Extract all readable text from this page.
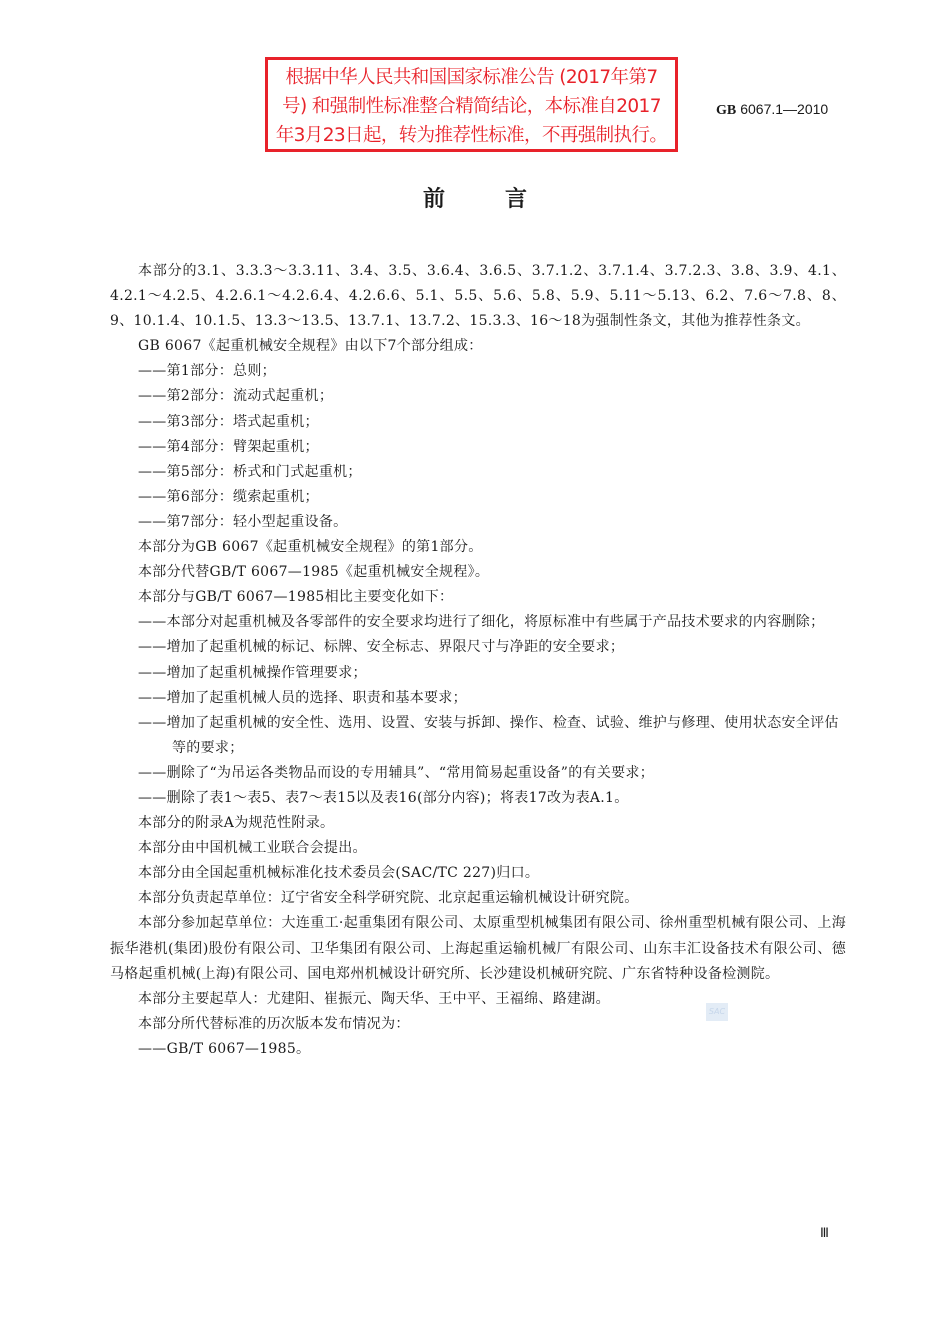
根据中华人民共和国国家标准公告 (2017年第7
号) 和强制性标准整合精简结论，本标准自2017
年3月23日起，转为推荐性标准，不再强制执行。
GB 6067.1—2010
前	言
本部分的3.1、3.3.3～3.3.11、3.4、3.5、3.6.4、3.6.5、3.7.1.2、3.7.1.4、3.7.2.3、3.8、3.9、4.1、4.2.1～4.2.5、4.2.6.1～4.2.6.4、4.2.6.6、5.1、5.5、5.6、5.8、5.9、5.11～5.13、6.2、7.6～7.8、8、9、10.1.4、10.1.5、13.3～13.5、13.7.1、13.7.2、15.3.3、16～18为强制性条文，其他为推荐性条文。
GB 6067《起重机械安全规程》由以下7个部分组成：
——第1部分：总则；
——第2部分：流动式起重机；
——第3部分：塔式起重机；
——第4部分：臂架起重机；
——第5部分：桥式和门式起重机；
——第6部分：缆索起重机；
——第7部分：轻小型起重设备。
本部分为GB 6067《起重机械安全规程》的第1部分。
本部分代替GB/T 6067—1985《起重机械安全规程》。
本部分与GB/T 6067—1985相比主要变化如下：
——本部分对起重机械及各零部件的安全要求均进行了细化，将原标准中有些属于产品技术要求的内容删除；
——增加了起重机械的标记、标牌、安全标志、界限尺寸与净距的安全要求；
——增加了起重机械操作管理要求；
——增加了起重机械人员的选择、职责和基本要求；
——增加了起重机械的安全性、选用、设置、安装与拆卸、操作、检查、试验、维护与修理、使用状态安全评估等的要求；
——删除了“为吊运各类物品而设的专用辅具”、“常用简易起重设备”的有关要求；
——删除了表1～表5、表7～表15以及表16(部分内容)；将表17改为表A.1。
本部分的附录A为规范性附录。
本部分由中国机械工业联合会提出。
本部分由全国起重机械标准化技术委员会(SAC/TC 227)归口。
本部分负责起草单位：辽宁省安全科学研究院、北京起重运输机械设计研究院。
本部分参加起草单位：大连重工·起重集团有限公司、太原重型机械集团有限公司、徐州重型机械有限公司、上海振华港机(集团)股份有限公司、卫华集团有限公司、上海起重运输机械厂有限公司、山东丰汇设备技术有限公司、德马格起重机械(上海)有限公司、国电郑州机械设计研究所、长沙建设机械研究院、广东省特种设备检测院。
本部分主要起草人：尤建阳、崔振元、陶天华、王中平、王福绵、路建湖。
本部分所代替标准的历次版本发布情况为：
——GB/T 6067—1985。
SAC
Ⅲ
